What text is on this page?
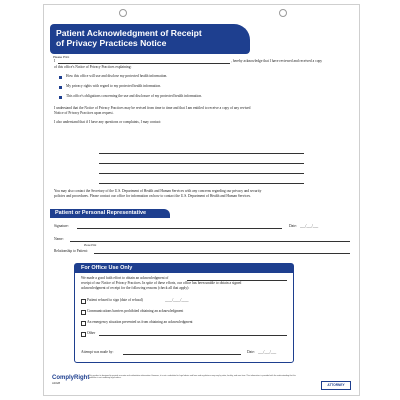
Patient Acknowledgment of Receipt
of Privacy Practices Notice
Please Print
I	, hereby acknowledge that I have reviewed and received a copy
of this office's Notice of Privacy Practices explaining:
How this office will use and disclose my protected health information.
My privacy rights with regard to my protected health information.
This office's obligations concerning the use and disclosure of my protected health information.
I understand that the Notice of Privacy Practices may be revised from time to time and that I am entitled to receive a copy of any revised
Notice of Privacy Practices upon request.
I also understand that if I have any questions or complaints, I may contact:
You may also contact the Secretary of the U.S. Department of Health and Human Services with any concerns regarding our privacy and security
policies and procedures. Please contact our office for information on how to contact the U.S. Department of Health and Human Services.
Patient or Personal Representative
Signature:	Date: ___/___/___
Name:
Please Print
Relationship to Patient:
For Office Use Only
We made a good faith effort to obtain an acknowledgment of
receipt of our Notice of Privacy Practices. In spite of these efforts, our office has been unable to obtain a signed
acknowledgment of receipt for the following reasons (check all that apply):
Patient refused to sign (date of refusal)	____/____/____
Communications barriers prohibited obtaining an acknowledgment
An emergency situation prevented us from obtaining an acknowledgment
Other
Attempt was made by:	Date: ___/___/___
ComplyRight
A1628
This product is designed to provide accurate and authoritative information. However, it is not a substitute for legal advice and laws and regulations may vary by state, locality, and over time. This information is provided with the understanding that the publisher is not rendering legal advice.
ATTORNEY
